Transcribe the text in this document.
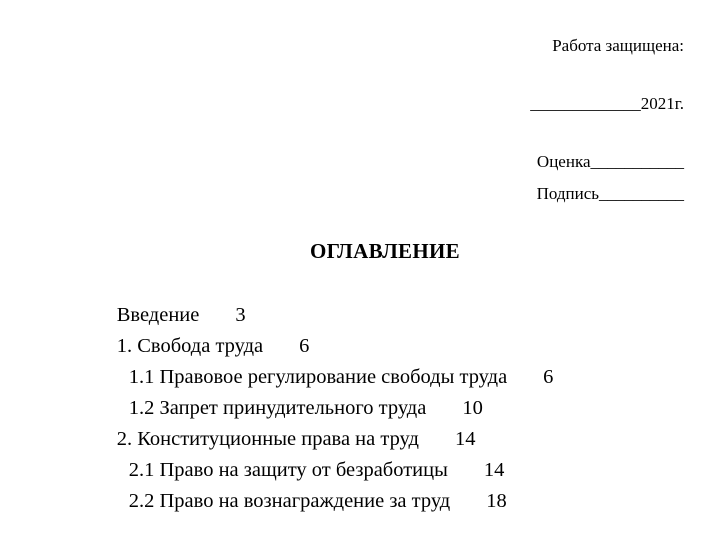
Работа защищена:
_____________2021г.
Оценка___________
Подпись__________
ОГЛАВЛЕНИЕ

Введение 3

1. Свобода труда 6

1.1 Правовое регулирование свободы труда 6

1.2 Запрет принудительного труда 10

2. Конституционные права на труд 14

2.1 Право на защиту от безработицы 14

2.2 Право на вознаграждение за труд 18
